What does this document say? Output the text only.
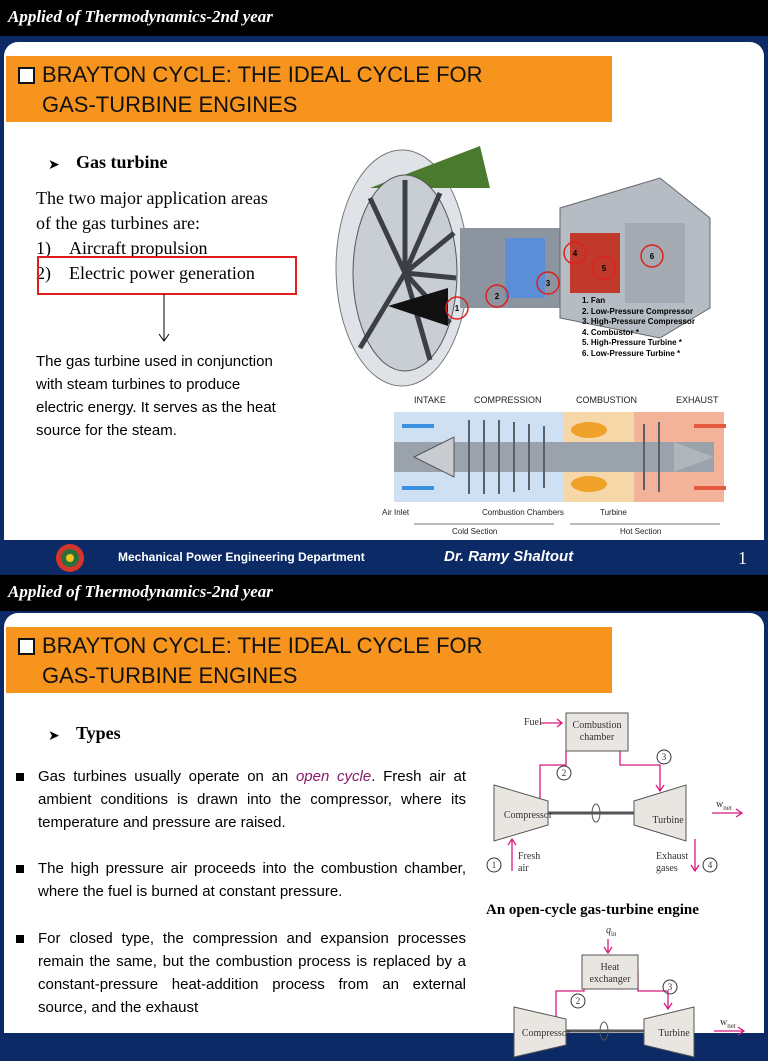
Applied of Thermodynamics-2nd year
BRAYTON CYCLE: THE IDEAL CYCLE FOR
GAS-TURBINE ENGINES
➤ Gas turbine
The two major application areas
of the gas turbines are:
1) Aircraft propulsion
2) Electric power generation
The gas turbine used in conjunction
with steam turbines to produce
electric energy. It serves as the heat
source for the steam.
1
2
3
4
5
6
1. Fan
2. Low-Pressure Compressor
3. High-Pressure Compressor
4. Combustor *
5. High-Pressure Turbine *
6. Low-Pressure Turbine *
INTAKE	COMPRESSION	COMBUSTION	EXHAUST
Air Inlet	Combustion Chambers	Turbine
Cold Section	Hot Section
Mechanical Power Engineering Department	Dr. Ramy Shaltout	1
Applied of Thermodynamics-2nd year
BRAYTON CYCLE: THE IDEAL CYCLE FOR
GAS-TURBINE ENGINES
➤ Types
Gas turbines usually operate on an open cycle. Fresh air at ambient conditions is drawn into the compressor, where its temperature and pressure are raised.
The high pressure air proceeds into the combustion chamber, where the fuel is burned at constant pressure.
For closed type, the compression and expansion processes remain the same, but the combustion process is replaced by a constant-pressure heat-addition process from an external source, and the exhaust
Fuel	Combustion
chamber
Compressor	Turbine
$w_{net}$
Fresh
air
Exhaust
gases
1
2
3
4
An open-cycle gas-turbine engine
$q_{in}$
Heat
exchanger
Compressor	Turbine
$w_{net}$
2
3
